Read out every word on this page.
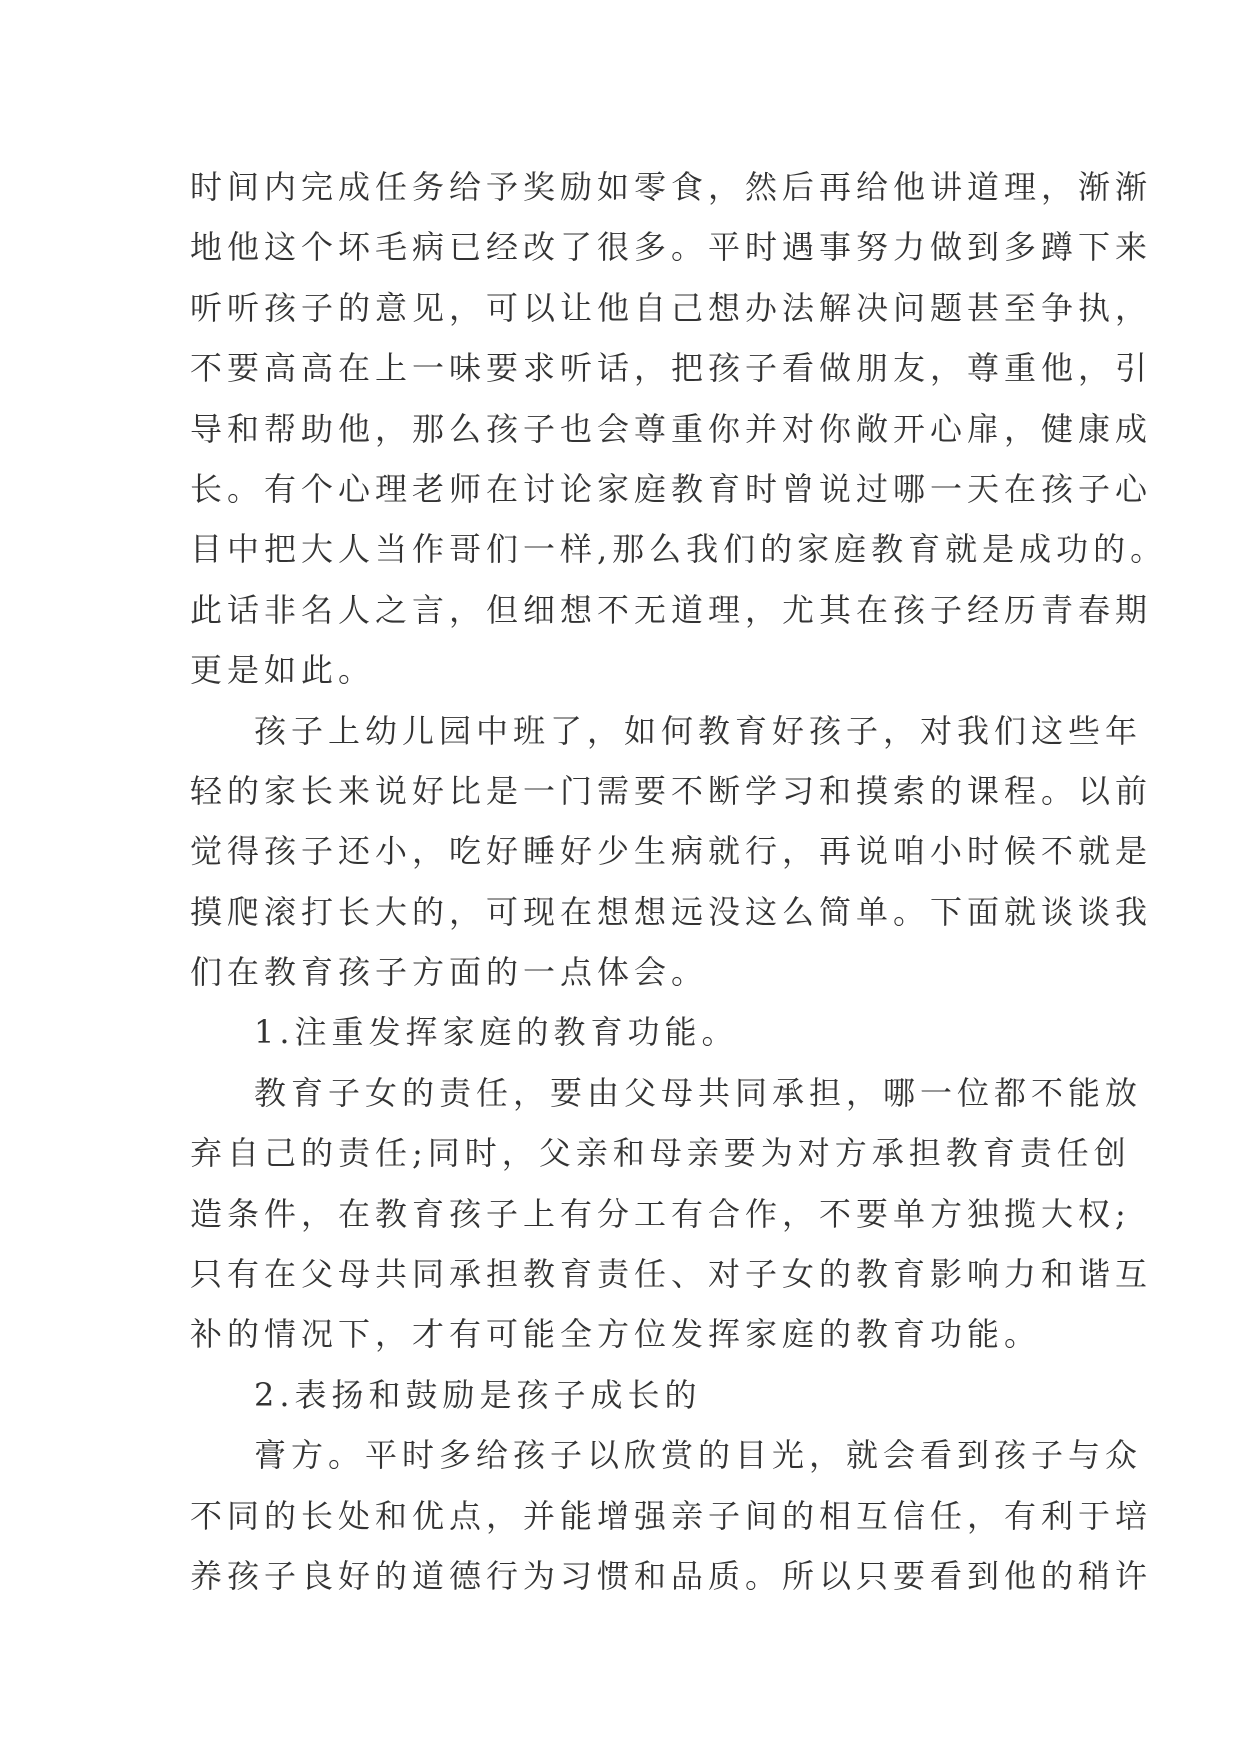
时间内完成任务给予奖励如零食，然后再给他讲道理，渐渐
地他这个坏毛病已经改了很多。平时遇事努力做到多蹲下来
听听孩子的意见，可以让他自己想办法解决问题甚至争执，
不要高高在上一味要求听话，把孩子看做朋友，尊重他，引
导和帮助他，那么孩子也会尊重你并对你敞开心扉，健康成
长。有个心理老师在讨论家庭教育时曾说过哪一天在孩子心
目中把大人当作哥们一样,那么我们的家庭教育就是成功的。
此话非名人之言，但细想不无道理，尤其在孩子经历青春期
更是如此。
孩子上幼儿园中班了，如何教育好孩子，对我们这些年
轻的家长来说好比是一门需要不断学习和摸索的课程。以前
觉得孩子还小，吃好睡好少生病就行，再说咱小时候不就是
摸爬滚打长大的，可现在想想远没这么简单。下面就谈谈我
们在教育孩子方面的一点体会。
1.注重发挥家庭的教育功能。
教育子女的责任，要由父母共同承担，哪一位都不能放
弃自己的责任;同时，父亲和母亲要为对方承担教育责任创
造条件，在教育孩子上有分工有合作，不要单方独揽大权;
只有在父母共同承担教育责任、对子女的教育影响力和谐互
补的情况下，才有可能全方位发挥家庭的教育功能。
2.表扬和鼓励是孩子成长的
膏方。平时多给孩子以欣赏的目光，就会看到孩子与众
不同的长处和优点，并能增强亲子间的相互信任，有利于培
养孩子良好的道德行为习惯和品质。所以只要看到他的稍许
